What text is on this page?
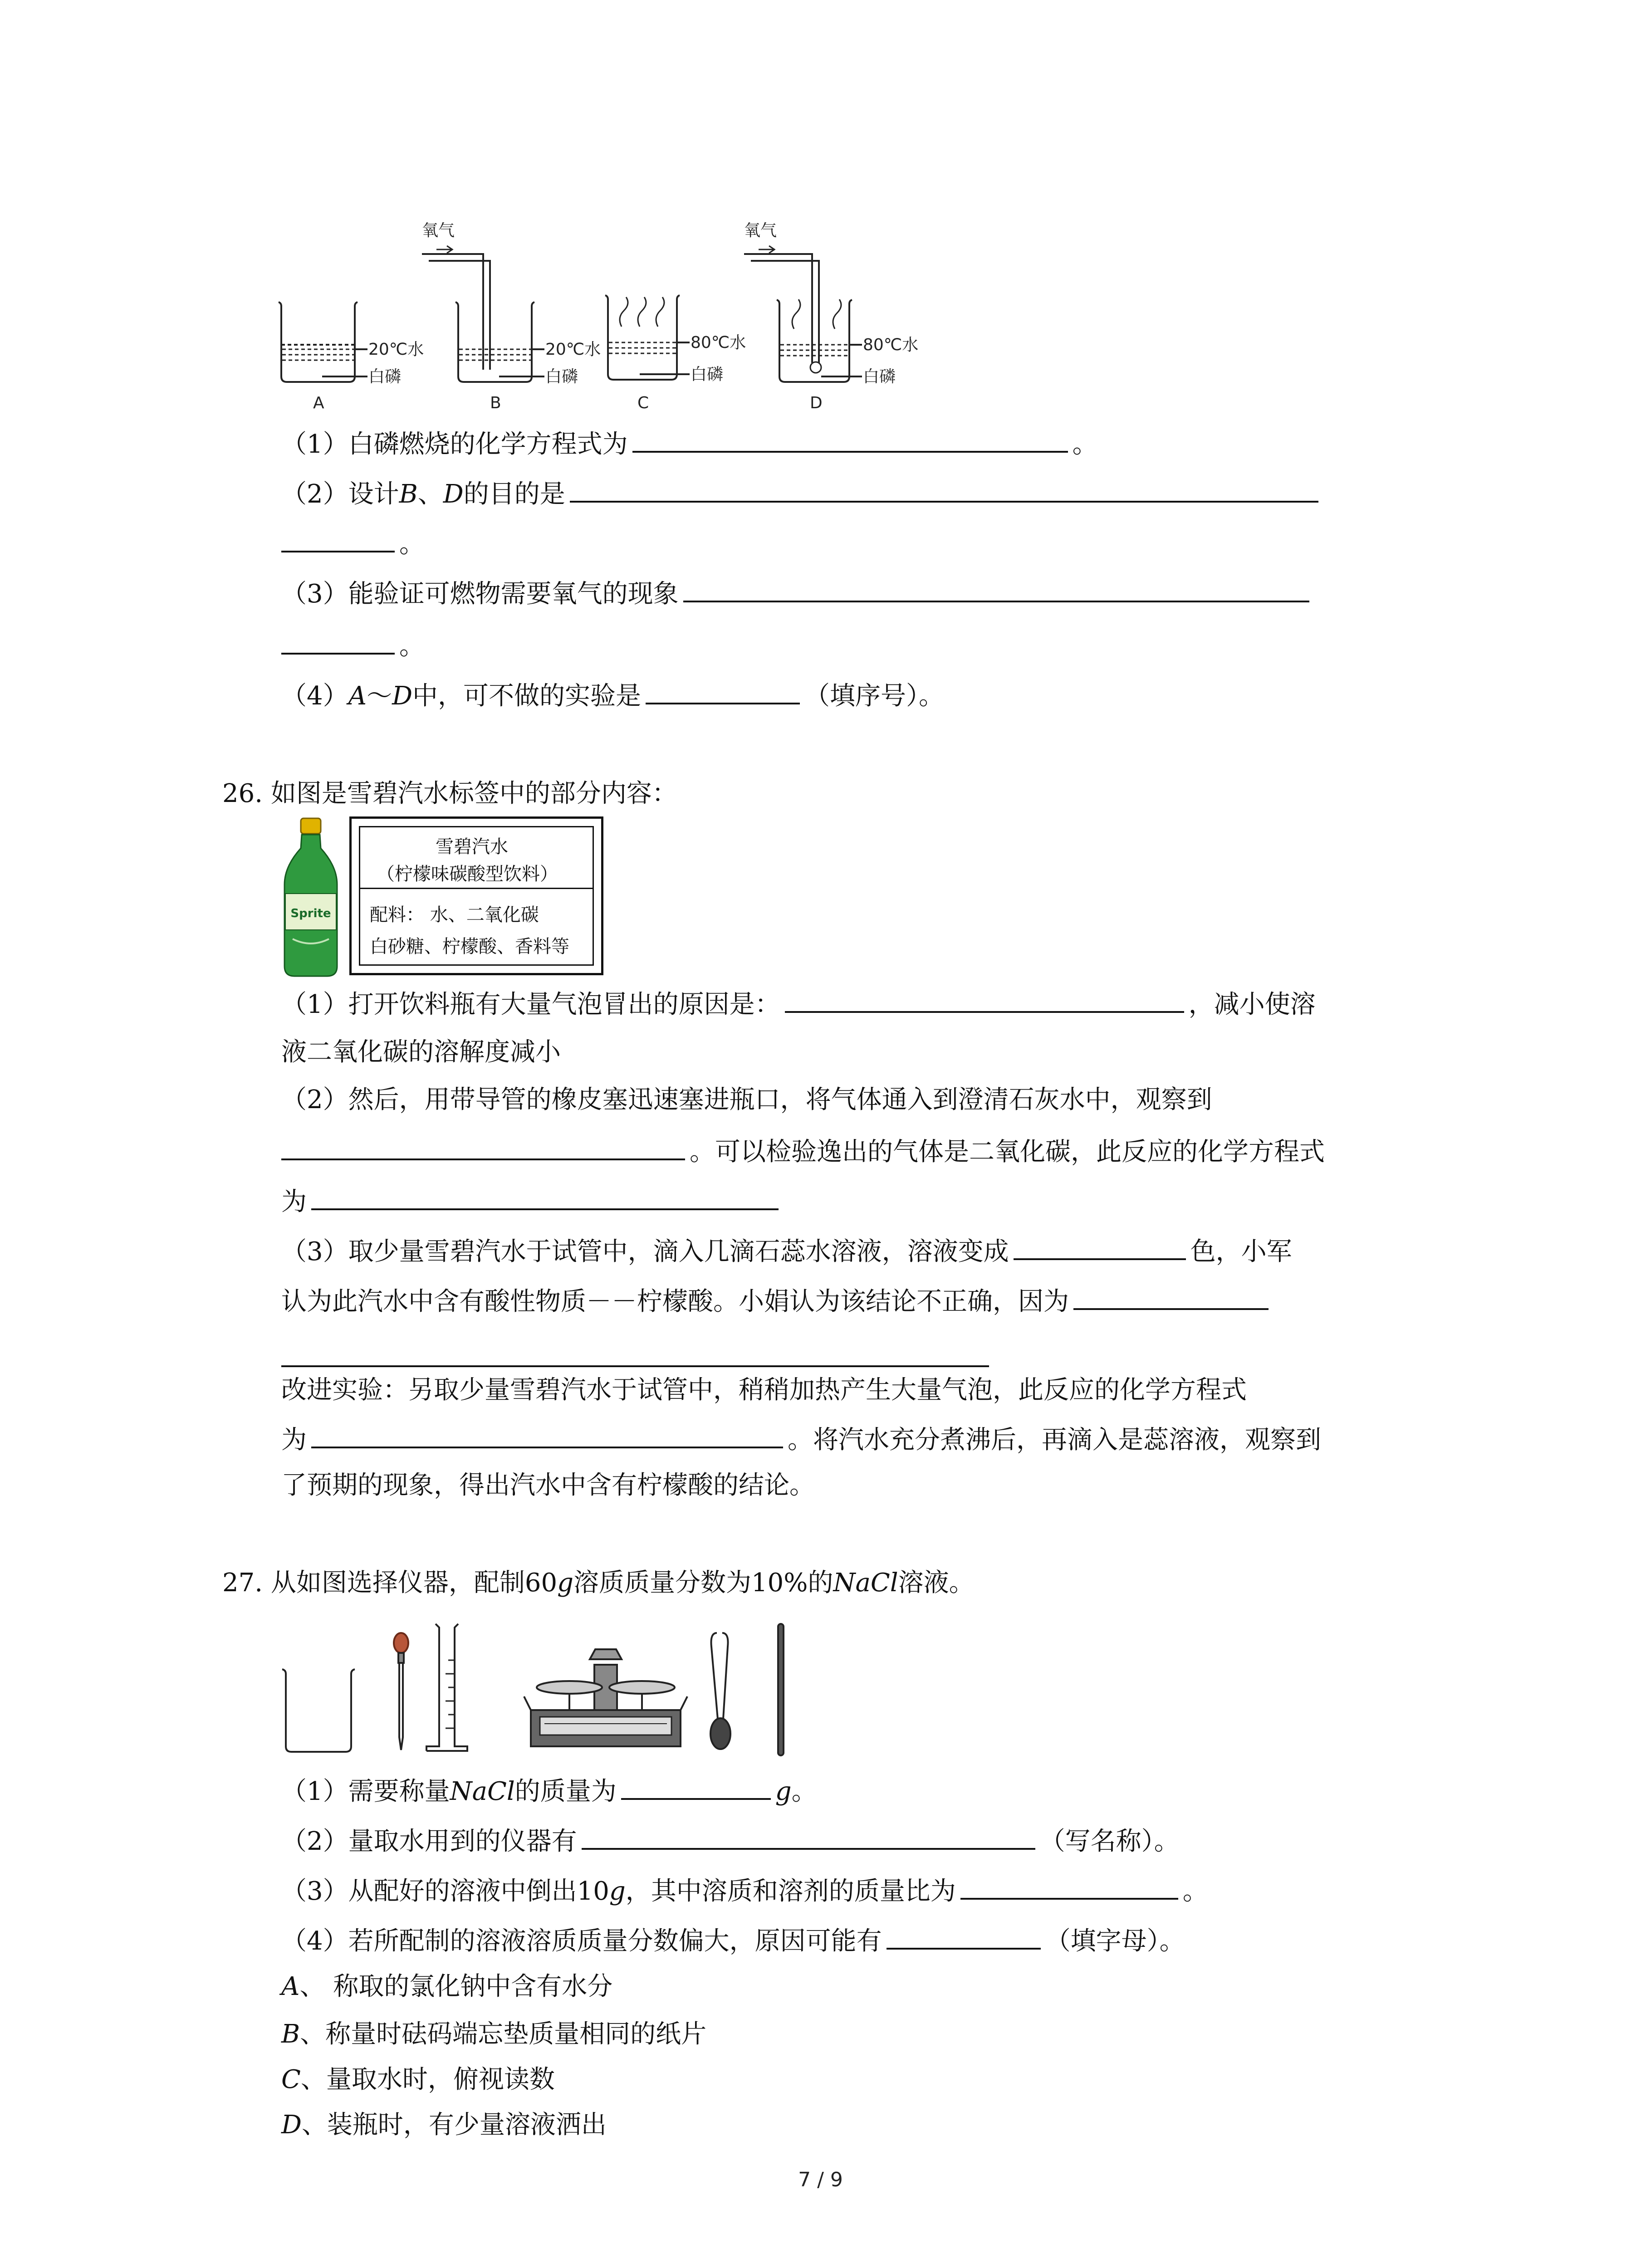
氧气	氧气
20℃水
白磷
A
20℃水
白磷
B
80℃水
白磷
C
80℃水
白磷
D
（1）白磷燃烧的化学方程式为	。
（2）设计B、D的目的是
。
（3）能验证可燃物需要氧气的现象
。
（4）A～D中，可不做的实验是	（填序号）。
26. 如图是雪碧汽水标签中的部分内容：
Sprite
雪碧汽水
（柠檬味碳酸型饮料）
配料： 水、二氧化碳
白砂糖、柠檬酸、香料等
（1）打开饮料瓶有大量气泡冒出的原因是：	，减小使溶
液二氧化碳的溶解度减小
（2）然后，用带导管的橡皮塞迅速塞进瓶口，将气体通入到澄清石灰水中，观察到
。可以检验逸出的气体是二氧化碳，此反应的化学方程式
为
（3）取少量雪碧汽水于试管中，滴入几滴石蕊水溶液，溶液变成	色，小军
认为此汽水中含有酸性物质－－柠檬酸。小娟认为该结论不正确，因为
改进实验：另取少量雪碧汽水于试管中，稍稍加热产生大量气泡，此反应的化学方程式
为	。将汽水充分煮沸后，再滴入是蕊溶液，观察到
了预期的现象，得出汽水中含有柠檬酸的结论。
27. 从如图选择仪器，配制60g溶质质量分数为10%的NaCl溶液。
（1）需要称量NaCl的质量为	g。
（2）量取水用到的仪器有	（写名称）。
（3）从配好的溶液中倒出10g，其中溶质和溶剂的质量比为	。
（4）若所配制的溶液溶质质量分数偏大，原因可能有	（填字母）。
A、 称取的氯化钠中含有水分
B、称量时砝码端忘垫质量相同的纸片
C、量取水时，俯视读数
D、装瓶时，有少量溶液洒出
7 / 9
